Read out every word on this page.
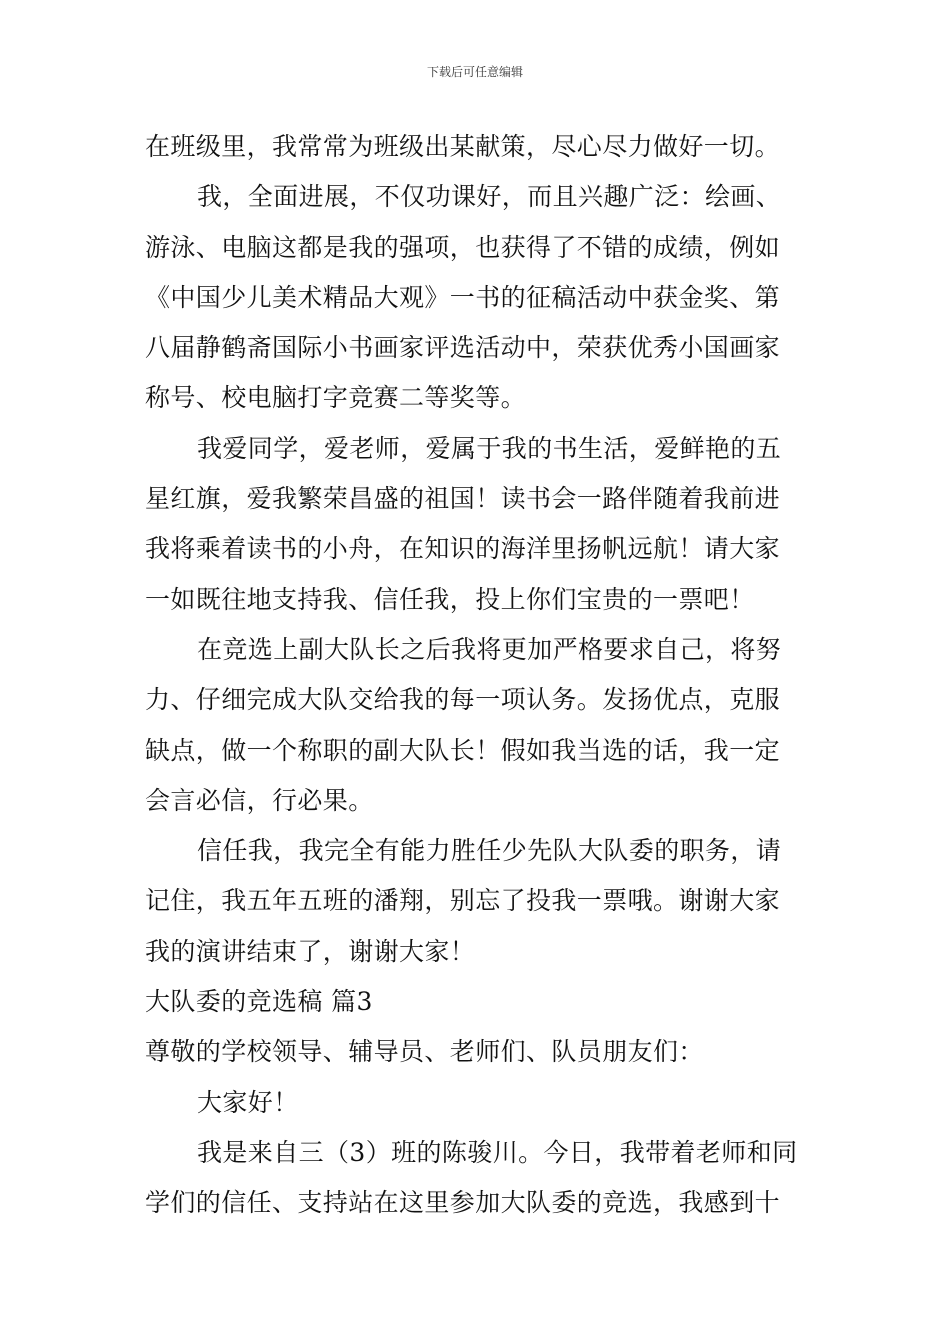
下载后可任意编辑
在班级里，我常常为班级出某献策，尽心尽力做好一切。
我，全面进展，不仅功课好，而且兴趣广泛：绘画、
游泳、电脑这都是我的强项，也获得了不错的成绩，例如
《中国少儿美术精品大观》一书的征稿活动中获金奖、第
八届静鹤斋国际小书画家评选活动中，荣获优秀小国画家
称号、校电脑打字竞赛二等奖等。
我爱同学，爱老师，爱属于我的书生活，爱鲜艳的五
星红旗，爱我繁荣昌盛的祖国！读书会一路伴随着我前进
我将乘着读书的小舟，在知识的海洋里扬帆远航！请大家
一如既往地支持我、信任我，投上你们宝贵的一票吧！
在竞选上副大队长之后我将更加严格要求自己，将努
力、仔细完成大队交给我的每一项认务。发扬优点，克服
缺点，做一个称职的副大队长！假如我当选的话，我一定
会言必信，行必果。
信任我，我完全有能力胜任少先队大队委的职务，请
记住，我五年五班的潘翔，别忘了投我一票哦。谢谢大家
我的演讲结束了，谢谢大家！
大队委的竞选稿 篇3
尊敬的学校领导、辅导员、老师们、队员朋友们：
大家好！
我是来自三（3）班的陈骏川。今日，我带着老师和同
学们的信任、支持站在这里参加大队委的竞选，我感到十
